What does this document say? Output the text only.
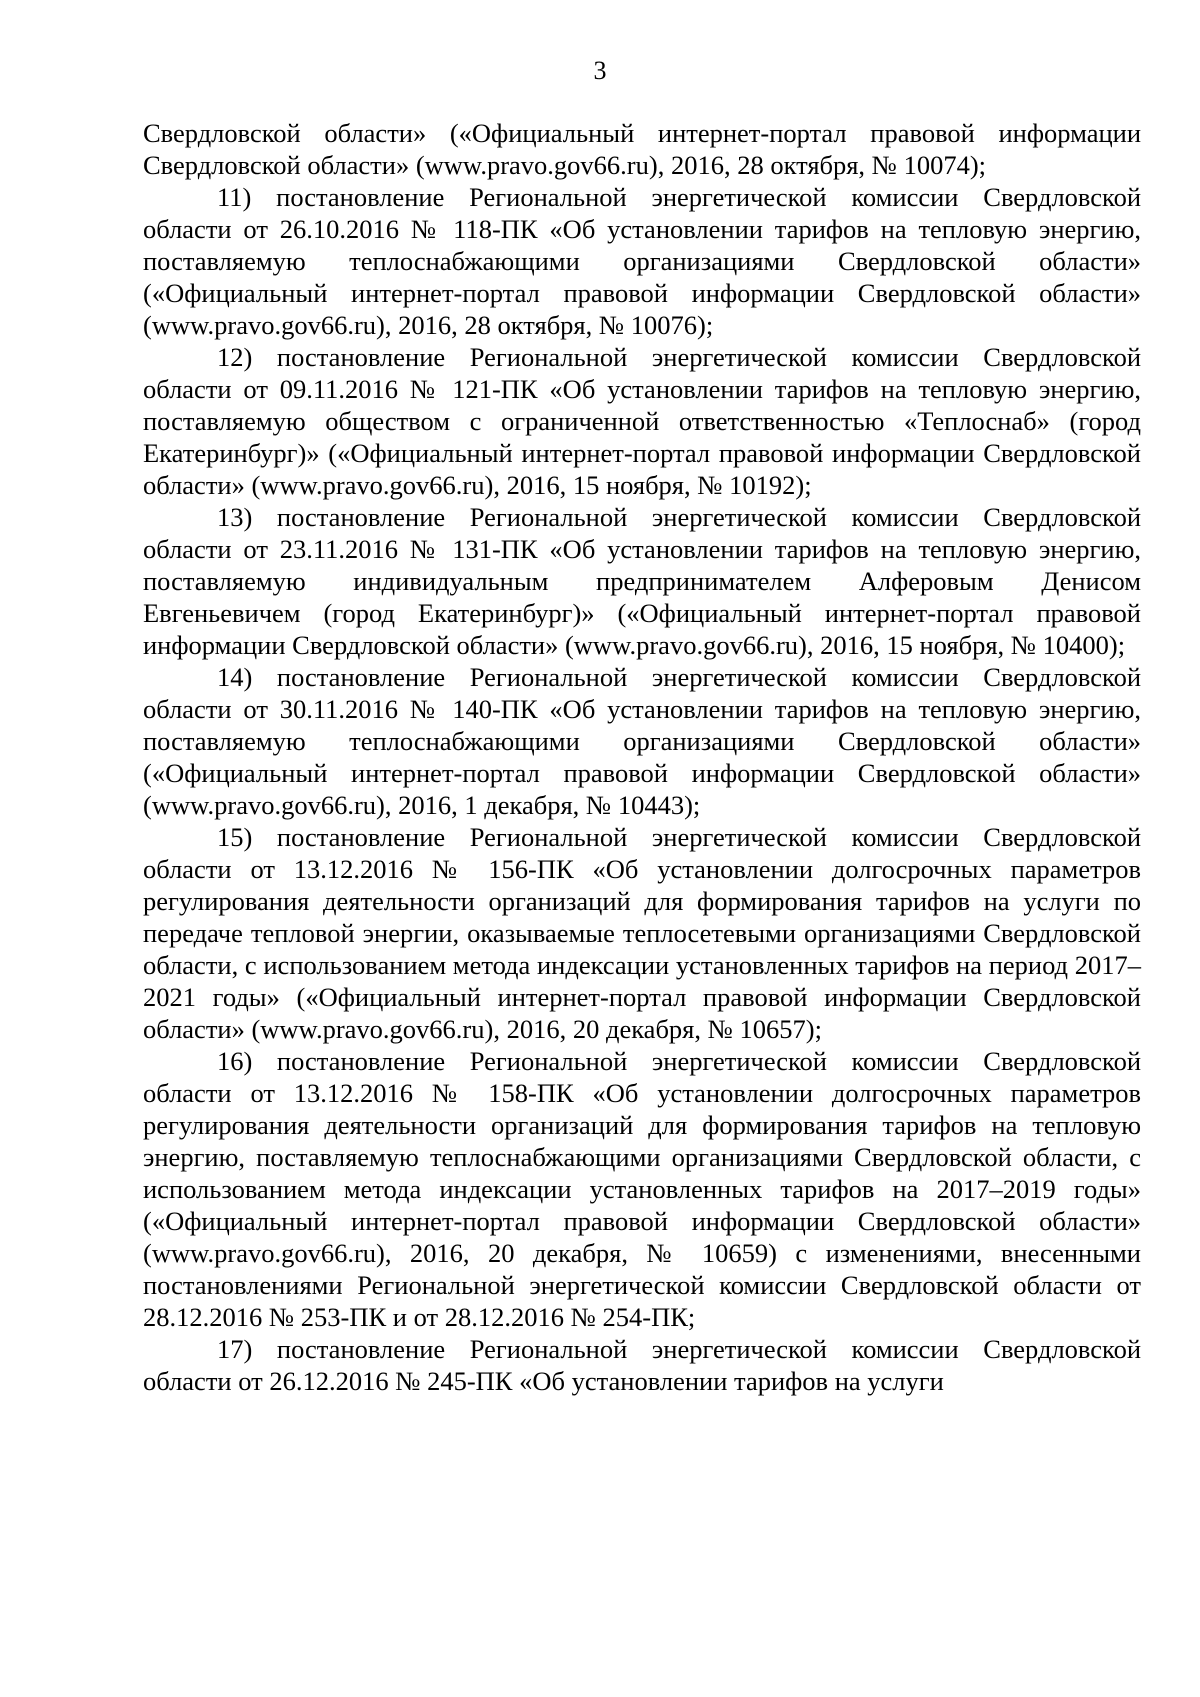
3

Свердловской области» («Официальный интернет-портал правовой информации Свердловской области» (www.pravo.gov66.ru), 2016, 28 октября, № 10074);

11) постановление Региональной энергетической комиссии Свердловской области от 26.10.2016 № 118-ПК «Об установлении тарифов на тепловую энергию, поставляемую теплоснабжающими организациями Свердловской области» («Официальный интернет-портал правовой информации Свердловской области» (www.pravo.gov66.ru), 2016, 28 октября, № 10076);

12) постановление Региональной энергетической комиссии Свердловской области от 09.11.2016 № 121-ПК «Об установлении тарифов на тепловую энергию, поставляемую обществом с ограниченной ответственностью «Теплоснаб» (город Екатеринбург)» («Официальный интернет-портал правовой информации Свердловской области» (www.pravo.gov66.ru), 2016, 15 ноября, № 10192);

13) постановление Региональной энергетической комиссии Свердловской области от 23.11.2016 № 131-ПК «Об установлении тарифов на тепловую энергию, поставляемую индивидуальным предпринимателем Алферовым Денисом Евгеньевичем (город Екатеринбург)» («Официальный интернет-портал правовой информации Свердловской области» (www.pravo.gov66.ru), 2016, 15 ноября, № 10400);

14) постановление Региональной энергетической комиссии Свердловской области от 30.11.2016 № 140-ПК «Об установлении тарифов на тепловую энергию, поставляемую теплоснабжающими организациями Свердловской области» («Официальный интернет-портал правовой информации Свердловской области» (www.pravo.gov66.ru), 2016, 1 декабря, № 10443);

15) постановление Региональной энергетической комиссии Свердловской области от 13.12.2016 № 156-ПК «Об установлении долгосрочных параметров регулирования деятельности организаций для формирования тарифов на услуги по передаче тепловой энергии, оказываемые теплосетевыми организациями Свердловской области, с использованием метода индексации установленных тарифов на период 2017–2021 годы» («Официальный интернет-портал правовой информации Свердловской области» (www.pravo.gov66.ru), 2016, 20 декабря, № 10657);

16) постановление Региональной энергетической комиссии Свердловской области от 13.12.2016 № 158-ПК «Об установлении долгосрочных параметров регулирования деятельности организаций для формирования тарифов на тепловую энергию, поставляемую теплоснабжающими организациями Свердловской области, с использованием метода индексации установленных тарифов на 2017–2019 годы» («Официальный интернет-портал правовой информации Свердловской области» (www.pravo.gov66.ru), 2016, 20 декабря, № 10659) с изменениями, внесенными постановлениями Региональной энергетической комиссии Свердловской области от 28.12.2016 № 253-ПК и от 28.12.2016 № 254-ПК;

17) постановление Региональной энергетической комиссии Свердловской области от 26.12.2016 № 245-ПК «Об установлении тарифов на услуги
